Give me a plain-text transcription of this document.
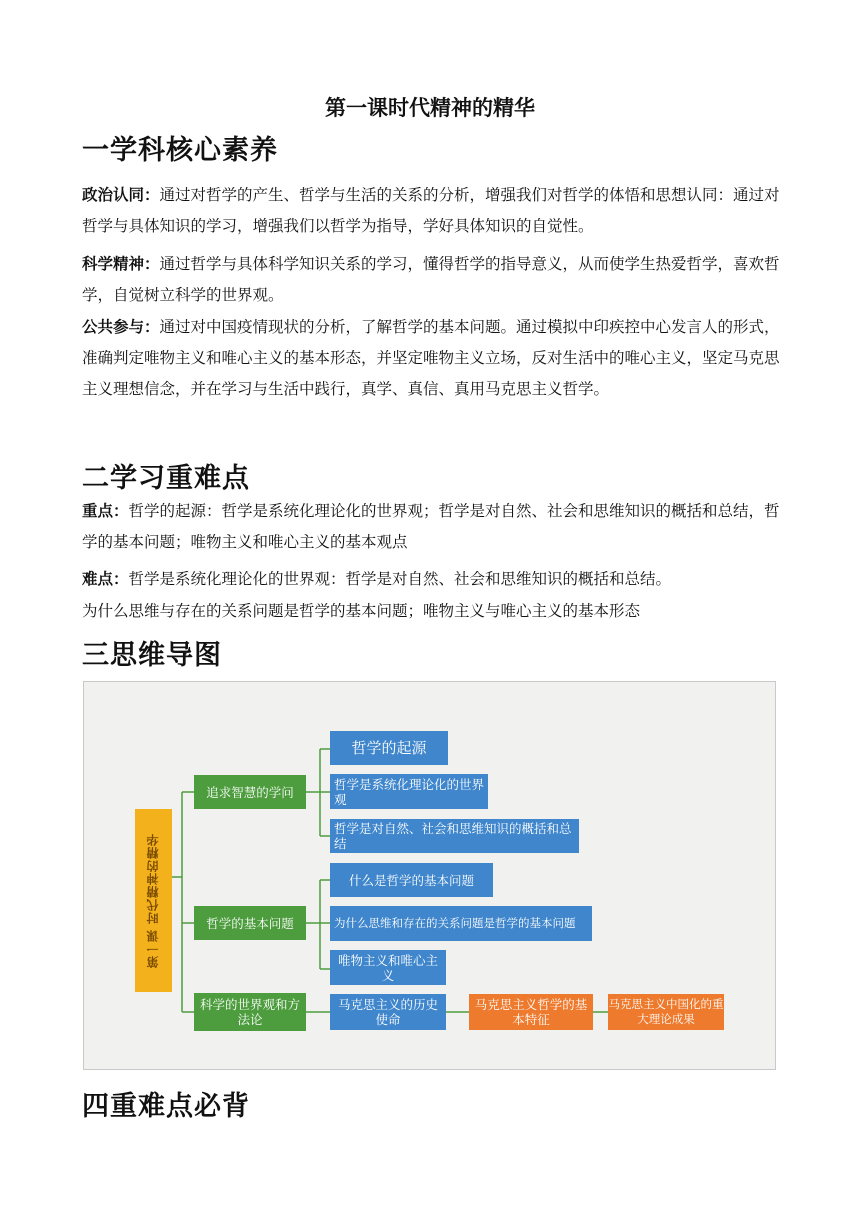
第一课时代精神的精华
一学科核心素养
政治认同：通过对哲学的产生、哲学与生活的关系的分析，增强我们对哲学的体悟和思想认同：通过对哲学与具体知识的学习，增强我们以哲学为指导，学好具体知识的自觉性。
科学精神：通过哲学与具体科学知识关系的学习，懂得哲学的指导意义，从而使学生热爱哲学，喜欢哲学，自觉树立科学的世界观。
公共参与：通过对中国疫情现状的分析，了解哲学的基本问题。通过模拟中印疾控中心发言人的形式，准确判定唯物主义和唯心主义的基本形态，并坚定唯物主义立场，反对生活中的唯心主义，坚定马克思主义理想信念，并在学习与生活中践行，真学、真信、真用马克思主义哲学。
二学习重难点
重点：哲学的起源：哲学是系统化理论化的世界观；哲学是对自然、社会和思维知识的概括和总结，哲学的基本问题；唯物主义和唯心主义的基本观点
难点：哲学是系统化理论化的世界观：哲学是对自然、社会和思维知识的概括和总结。
为什么思维与存在的关系问题是哲学的基本问题；唯物主义与唯心主义的基本形态
三思维导图
第一课 时代精神的精华
追求智慧的学问
哲学的基本问题
科学的世界观和方法论
哲学的起源
哲学是系统化理论化的世界观
哲学是对自然、社会和思维知识的概括和总结
什么是哲学的基本问题
为什么思维和存在的关系问题是哲学的基本问题
唯物主义和唯心主义
马克思主义的历史使命
马克思主义哲学的基本特征
马克思主义中国化的重大理论成果
四重难点必背
